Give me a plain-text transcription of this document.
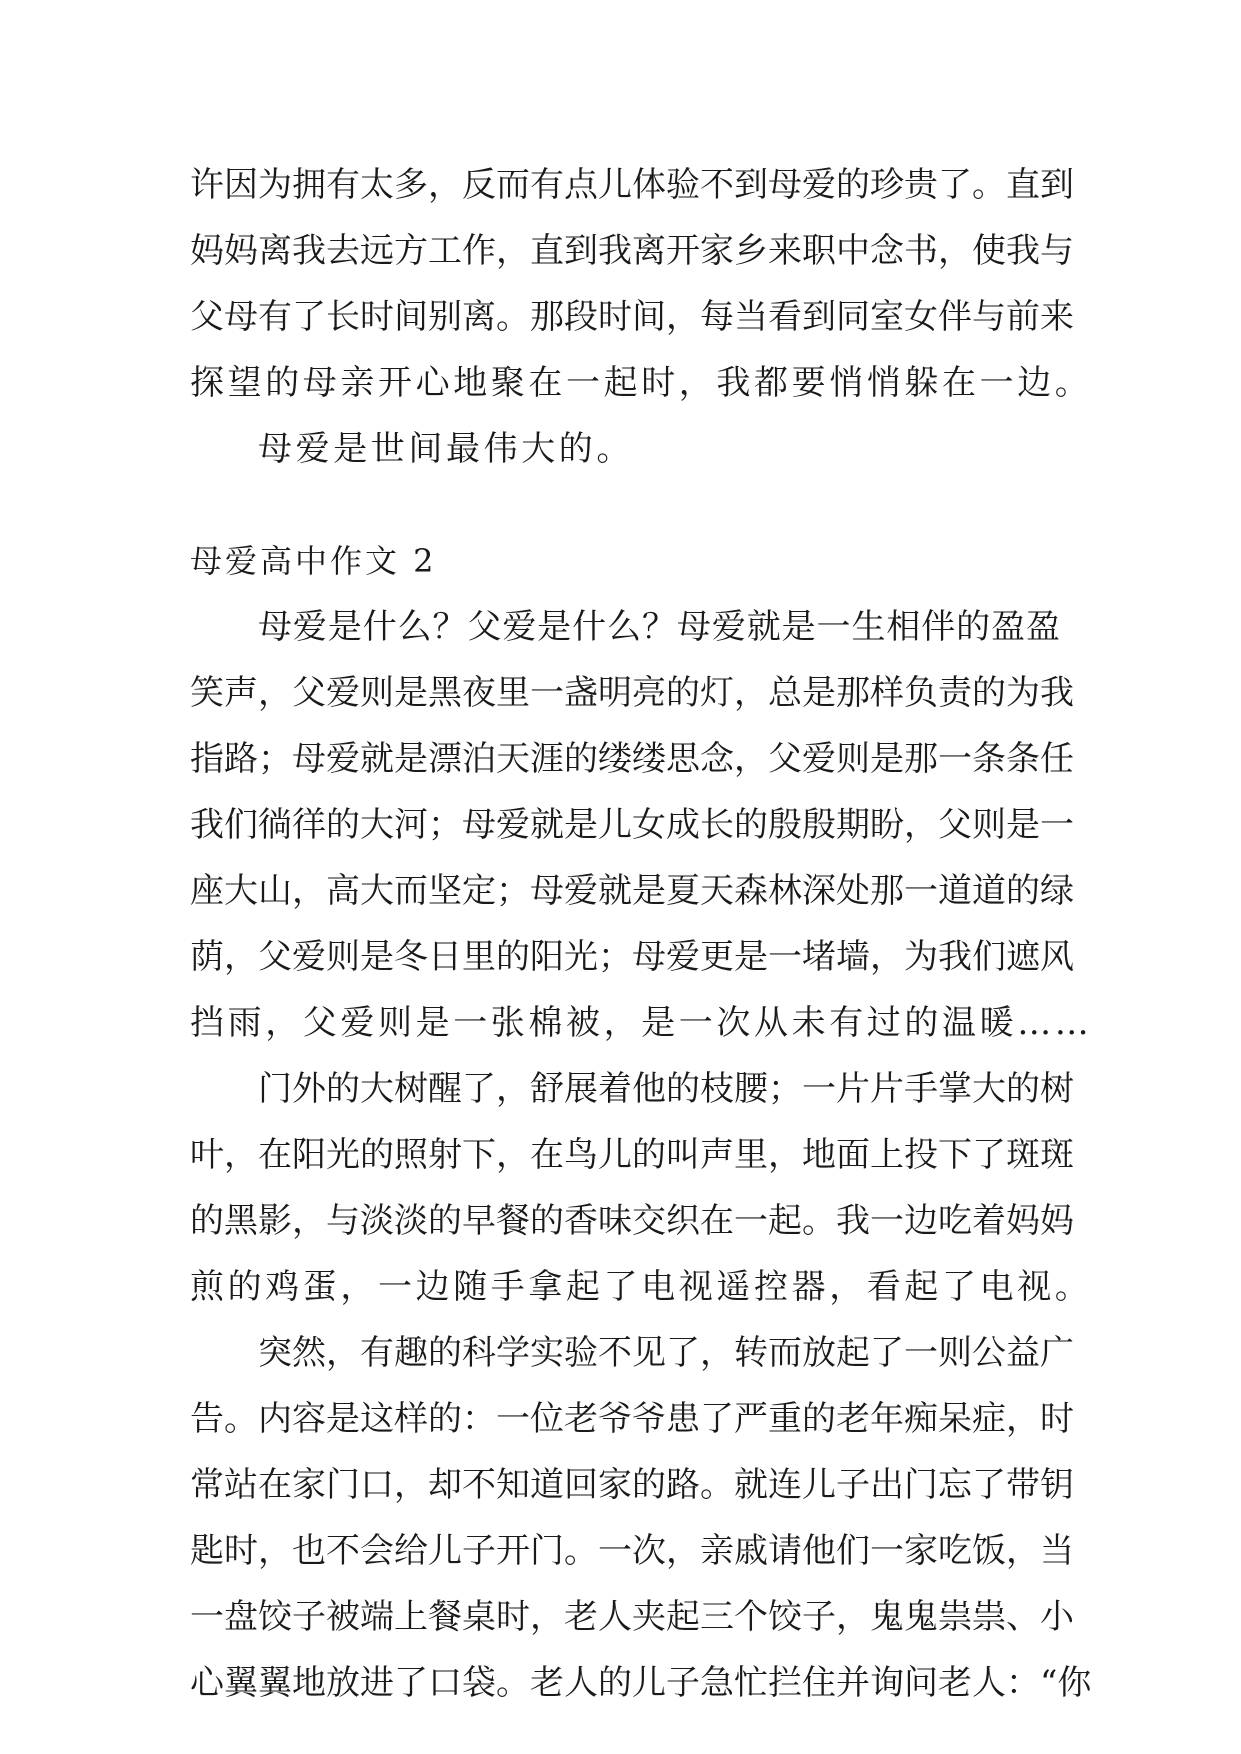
许因为拥有太多，反而有点儿体验不到母爱的珍贵了。直到
妈妈离我去远方工作，直到我离开家乡来职中念书，使我与
父母有了长时间别离。那段时间，每当看到同室女伴与前来
探望的母亲开心地聚在一起时，我都要悄悄躲在一边。
母爱是世间最伟大的。
母爱高中作文 2
母爱是什么？父爱是什么？母爱就是一生相伴的盈盈
笑声，父爱则是黑夜里一盏明亮的灯，总是那样负责的为我
指路；母爱就是漂泊天涯的缕缕思念，父爱则是那一条条任
我们徜徉的大河；母爱就是儿女成长的殷殷期盼，父则是一
座大山，高大而坚定；母爱就是夏天森林深处那一道道的绿
荫，父爱则是冬日里的阳光；母爱更是一堵墙，为我们遮风
挡雨，父爱则是一张棉被，是一次从未有过的温暖……
门外的大树醒了，舒展着他的枝腰；一片片手掌大的树
叶，在阳光的照射下，在鸟儿的叫声里，地面上投下了斑斑
的黑影，与淡淡的早餐的香味交织在一起。我一边吃着妈妈
煎的鸡蛋，一边随手拿起了电视遥控器，看起了电视。
突然，有趣的科学实验不见了，转而放起了一则公益广
告。内容是这样的：一位老爷爷患了严重的老年痴呆症，时
常站在家门口，却不知道回家的路。就连儿子出门忘了带钥
匙时，也不会给儿子开门。一次，亲戚请他们一家吃饭，当
一盘饺子被端上餐桌时，老人夹起三个饺子，鬼鬼祟祟、小
心翼翼地放进了口袋。老人的儿子急忙拦住并询问老人：“你
